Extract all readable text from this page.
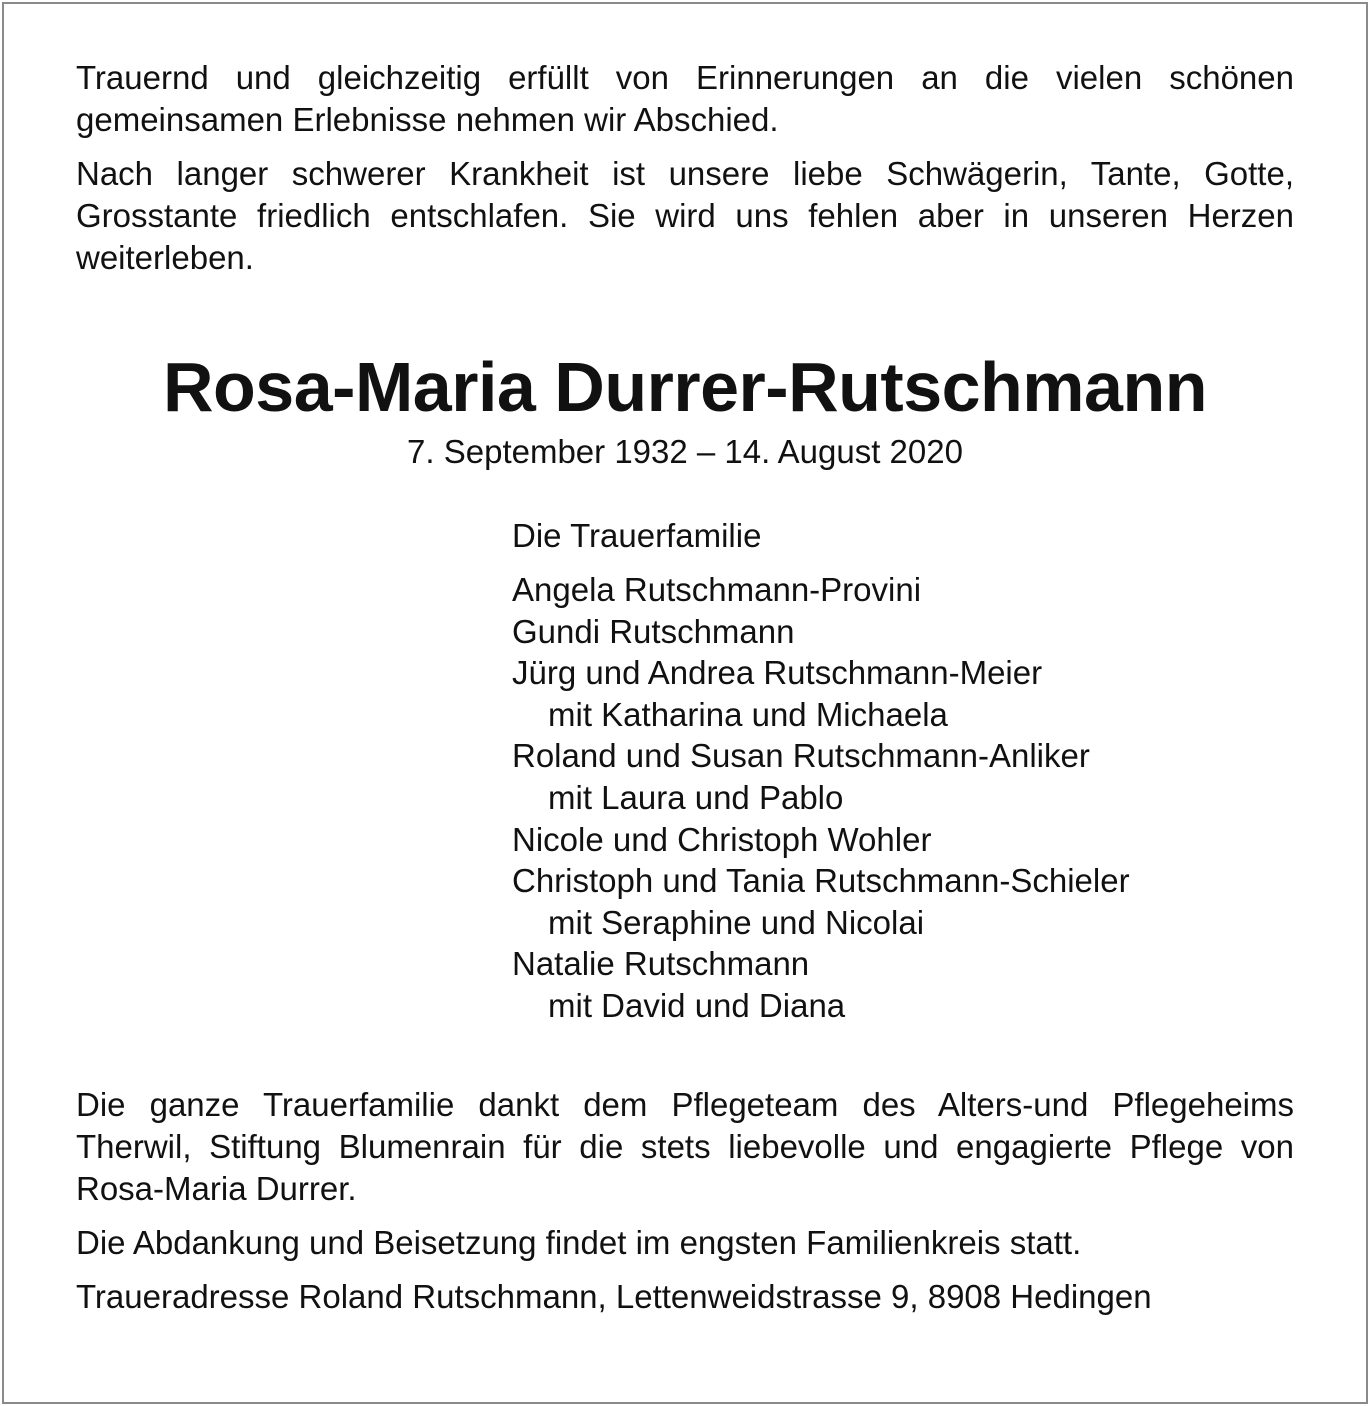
Trauernd und gleichzeitig erfüllt von Erinnerungen an die vielen schönen gemeinsamen Erlebnisse nehmen wir Abschied.

Nach langer schwerer Krankheit ist unsere liebe Schwägerin, Tante, Gotte, Grosstante friedlich entschlafen. Sie wird uns fehlen aber in unseren Herzen weiterleben.

Rosa-Maria Durrer-Rutschmann

7. September 1932 – 14. August 2020

Die Trauerfamilie

Angela Rutschmann-Provini

Gundi Rutschmann

Jürg und Andrea Rutschmann-Meier

mit Katharina und Michaela

Roland und Susan Rutschmann-Anliker

mit Laura und Pablo

Nicole und Christoph Wohler

Christoph und Tania Rutschmann-Schieler

mit Seraphine und Nicolai

Natalie Rutschmann

mit David und Diana

Die ganze Trauerfamilie dankt dem Pflegeteam des Alters-und Pflegeheims Therwil, Stiftung Blumenrain für die stets liebevolle und engagierte Pflege von Rosa-Maria Durrer.

Die Abdankung und Beisetzung findet im engsten Familienkreis statt.

Traueradresse Roland Rutschmann, Lettenweidstrasse 9, 8908 Hedingen
